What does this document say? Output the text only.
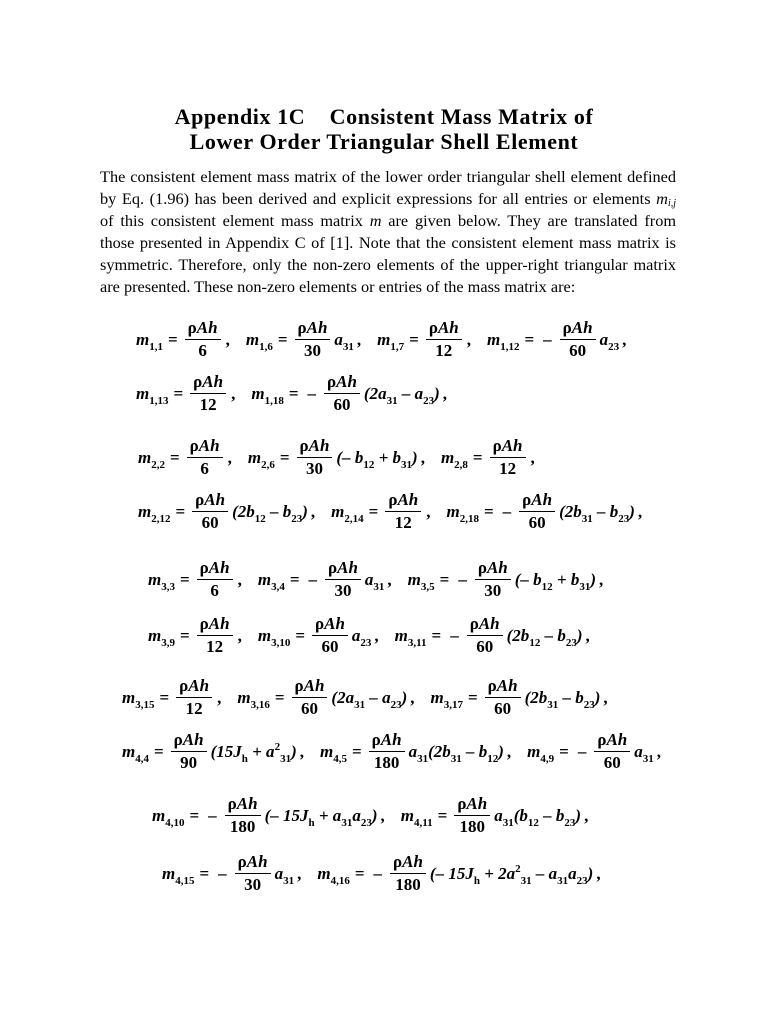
Appendix 1C    Consistent Mass Matrix of
Lower Order Triangular Shell Element
The consistent element mass matrix of the lower order triangular shell element defined
by Eq. (1.96) has been derived and explicit expressions for all entries or elements $m_{i,j}$
of this consistent element mass matrix m are given below. They are translated from
those presented in Appendix C of [1]. Note that the consistent element mass matrix is
symmetric. Therefore, only the non-zero elements of the upper-right triangular matrix
are presented. These non-zero elements or entries of the mass matrix are:
$m_{1,1} = \frac{\text{ρAh}}{6}$ , $m_{1,6} = \frac{\text{ρAh}}{30} a_{31}$ , $m_{1,7} = \frac{\text{ρAh}}{12}$ , $m_{1,12}$ = – $\frac{\text{ρAh}}{60} a_{23}$ ,
$m_{1,13} = \frac{\text{ρAh}}{12}$ , $m_{1,18}$ = – $\frac{\text{ρAh}}{60} (2a_{31} - a_{23})$ ,
$m_{2,2} = \frac{\text{ρAh}}{6}$ , $m_{2,6} = \frac{\text{ρAh}}{30}$ (– $b_{12} + b_{31}$) , $m_{2,8} = \frac{\text{ρAh}}{12}$ ,
$m_{2,12} = \frac{\text{ρAh}}{60} (2b_{12} - b_{23})$ , $m_{2,14} = \frac{\text{ρAh}}{12}$ , $m_{2,18}$ = – $\frac{\text{ρAh}}{60} (2b_{31} - b_{23})$ ,
$m_{3,3} = \frac{\text{ρAh}}{6}$ , $m_{3,4}$ = – $\frac{\text{ρAh}}{30} a_{31}$ , $m_{3,5}$ = – $\frac{\text{ρAh}}{30}$ (– $b_{12} + b_{31}$) ,
$m_{3,9} = \frac{\text{ρAh}}{12}$ , $m_{3,10} = \frac{\text{ρAh}}{60} a_{23}$ , $m_{3,11}$ = – $\frac{\text{ρAh}}{60} (2b_{12} - b_{23})$ ,
$m_{3,15} = \frac{\text{ρAh}}{12}$ , $m_{3,16} = \frac{\text{ρAh}}{60} (2a_{31} - a_{23})$ , $m_{3,17} = \frac{\text{ρAh}}{60} (2b_{31} - b_{23})$ ,
$m_{4,4} = \frac{\text{ρAh}}{90} (15J_h + a^2_{31})$ , $m_{4,5} = \frac{\text{ρAh}}{180} a_{31}(2b_{31} - b_{12})$ , $m_{4,9}$ = – $\frac{\text{ρAh}}{60} a_{31}$ ,
$m_{4,10}$ = – $\frac{\text{ρAh}}{180}$ (– $15J_h + a_{31}a_{23}$) , $m_{4,11} = \frac{\text{ρAh}}{180} a_{31}(b_{12} - b_{23})$ ,
$m_{4,15}$ = – $\frac{\text{ρAh}}{30} a_{31}$ , $m_{4,16}$ = – $\frac{\text{ρAh}}{180}$ (– $15J_h + 2a^2_{31} - a_{31}a_{23}$) ,
